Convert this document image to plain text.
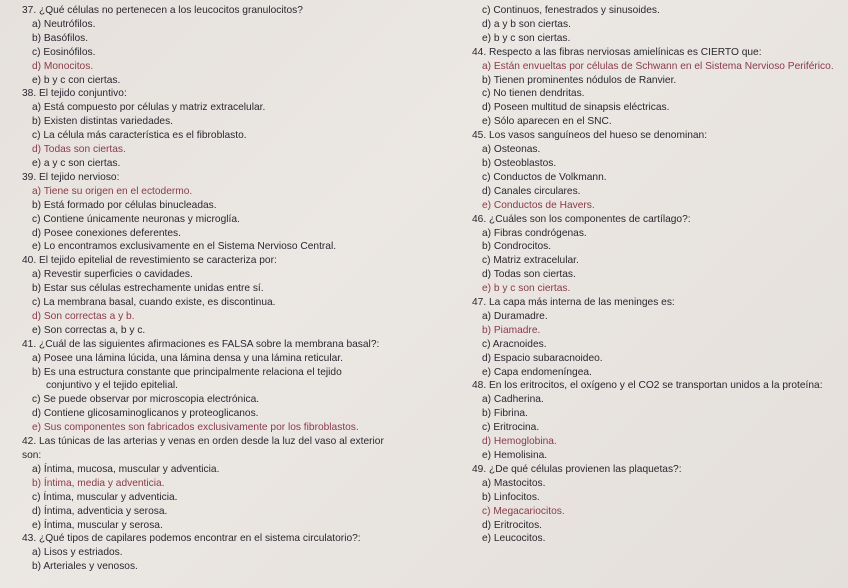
37. ¿Qué células no pertenecen a los leucocitos granulocitos?
a) Neutrófilos.
b) Basófilos.
c) Eosinófilos.
d) Monocitos.
e) b y c con ciertas.
38. El tejido conjuntivo:
a) Está compuesto por células y matriz extracelular.
b) Existen distintas variedades.
c) La célula más característica es el fibroblasto.
d) Todas son ciertas.
e) a y c son ciertas.
39. El tejido nervioso:
a) Tiene su origen en el ectodermo.
b) Está formado por células binucleadas.
c) Contiene únicamente neuronas y microglía.
d) Posee conexiones deferentes.
e) Lo encontramos exclusivamente en el Sistema Nervioso Central.
40. El tejido epitelial de revestimiento se caracteriza por:
a) Revestir superficies o cavidades.
b) Estar sus células estrechamente unidas entre sí.
c) La membrana basal, cuando existe, es discontinua.
d) Son correctas a y b.
e) Son correctas a, b y c.
41. ¿Cuál de las siguientes afirmaciones es FALSA sobre la membrana basal?:
a) Posee una lámina lúcida, una lámina densa y una lámina reticular.
b) Es una estructura constante que principalmente relaciona el tejido
conjuntivo y el tejido epitelial.
c) Se puede observar por microscopia electrónica.
d) Contiene glicosaminoglicanos y proteoglicanos.
e) Sus componentes son fabricados exclusivamente por los fibroblastos.
42. Las túnicas de las arterias y venas en orden desde la luz del vaso al exterior
son:
a) Íntima, mucosa, muscular y adventicia.
b) Íntima, media y adventicia.
c) Íntima, muscular y adventicia.
d) Íntima, adventicia y serosa.
e) Íntima, muscular y serosa.
43. ¿Qué tipos de capilares podemos encontrar en el sistema circulatorio?:
a) Lisos y estriados.
b) Arteriales y venosos.
c) Continuos, fenestrados y sinusoides.
d) a y b son ciertas.
e) b y c son ciertas.
44. Respecto a las fibras nerviosas amielínicas es CIERTO que:
a) Están envueltas por células de Schwann en el Sistema Nervioso Periférico.
b) Tienen prominentes nódulos de Ranvier.
c) No tienen dendritas.
d) Poseen multitud de sinapsis eléctricas.
e) Sólo aparecen en el SNC.
45. Los vasos sanguíneos del hueso se denominan:
a) Osteonas.
b) Osteoblastos.
c) Conductos de Volkmann.
d) Canales circulares.
e) Conductos de Havers.
46. ¿Cuáles son los componentes de cartílago?:
a) Fibras condrógenas.
b) Condrocitos.
c) Matriz extracelular.
d) Todas son ciertas.
e) b y c son ciertas.
47. La capa más interna de las meninges es:
a) Duramadre.
b) Piamadre.
c) Aracnoides.
d) Espacio subaracnoideo.
e) Capa endomeníngea.
48. En los eritrocitos, el oxígeno y el CO2 se transportan unidos a la proteína:
a) Cadherina.
b) Fibrina.
c) Eritrocina.
d) Hemoglobina.
e) Hemolisina.
49. ¿De qué células provienen las plaquetas?:
a) Mastocitos.
b) Linfocitos.
c) Megacariocitos.
d) Eritrocitos.
e) Leucocitos.
